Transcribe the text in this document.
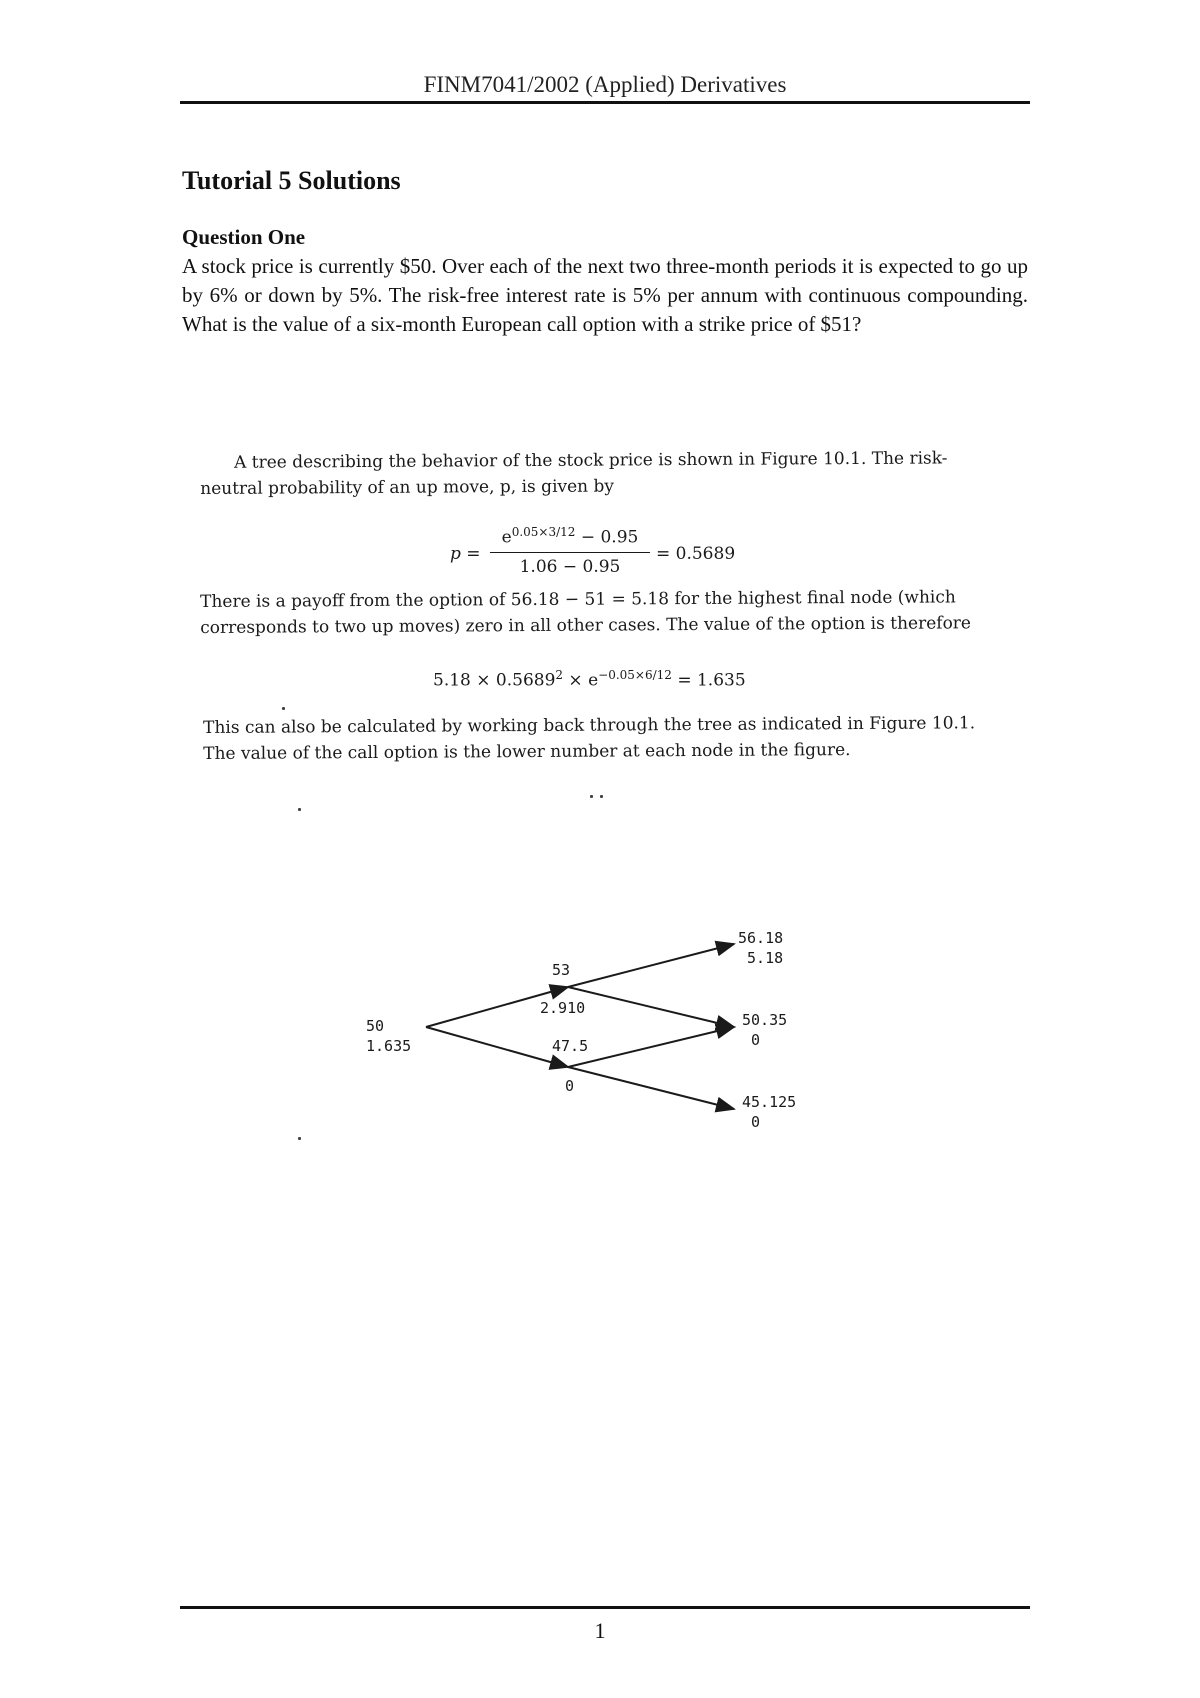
FINM7041/2002 (Applied) Derivatives
Tutorial 5 Solutions
Question One
A stock price is currently $50. Over each of the next two three-month periods it is expected to go up by 6% or down by 5%. The risk-free interest rate is 5% per annum with continuous compounding. What is the value of a six-month European call option with a strike price of $51?
A tree describing the behavior of the stock price is shown in Figure 10.1. The risk-neutral probability of an up move, p, is given by
p =
$e^{0.05\times 3/12} - 0.95$
1.06 − 0.95
= 0.5689
There is a payoff from the option of 56.18 − 51 = 5.18 for the highest final node (which corresponds to two up moves) zero in all other cases. The value of the option is therefore
$5.18 \times 0.5689^2 \times e^{-0.05\times 6/12} = 1.635$
This can also be calculated by working back through the tree as indicated in Figure 10.1. The value of the call option is the lower number at each node in the figure.
50
1.635
53
2.910
47.5
0
56.18
5.18
50.35
0
45.125
0
1
